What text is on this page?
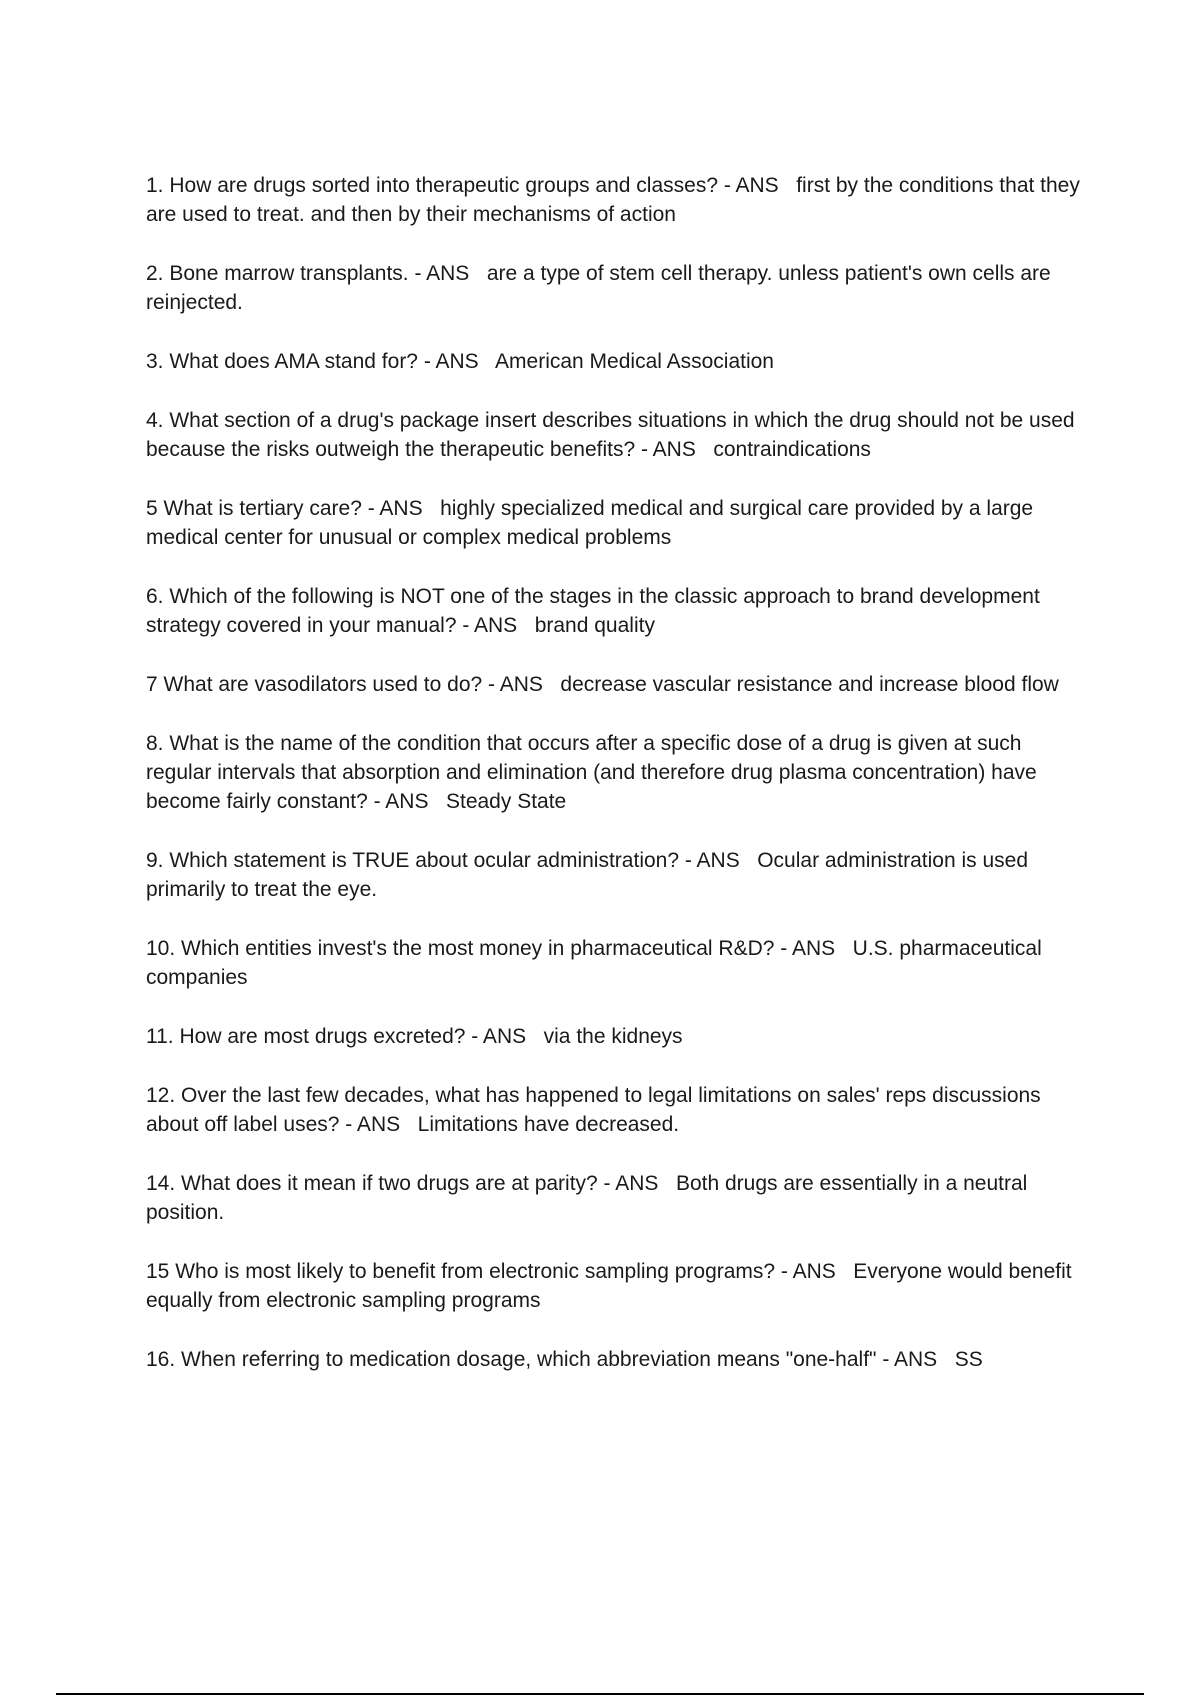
1. How are drugs sorted into therapeutic groups and classes? - ANS first by the conditions that they are used to treat. and then by their mechanisms of action

2. Bone marrow transplants. - ANS are a type of stem cell therapy. unless patient's own cells are reinjected.

3. What does AMA stand for? - ANS American Medical Association

4. What section of a drug's package insert describes situations in which the drug should not be used because the risks outweigh the therapeutic benefits? - ANS contraindications

5 What is tertiary care? - ANS highly specialized medical and surgical care provided by a large medical center for unusual or complex medical problems

6. Which of the following is NOT one of the stages in the classic approach to brand development strategy covered in your manual? - ANS brand quality

7 What are vasodilators used to do? - ANS decrease vascular resistance and increase blood flow

8. What is the name of the condition that occurs after a specific dose of a drug is given at such regular intervals that absorption and elimination (and therefore drug plasma concentration) have become fairly constant? - ANS Steady State

9. Which statement is TRUE about ocular administration? - ANS Ocular administration is used primarily to treat the eye.

10. Which entities invest's the most money in pharmaceutical R&D? - ANS U.S. pharmaceutical companies

11. How are most drugs excreted? - ANS via the kidneys

12. Over the last few decades, what has happened to legal limitations on sales' reps discussions about off label uses? - ANS Limitations have decreased.

14. What does it mean if two drugs are at parity? - ANS Both drugs are essentially in a neutral position.

15 Who is most likely to benefit from electronic sampling programs? - ANS Everyone would benefit equally from electronic sampling programs

16. When referring to medication dosage, which abbreviation means "one-half" - ANS SS
